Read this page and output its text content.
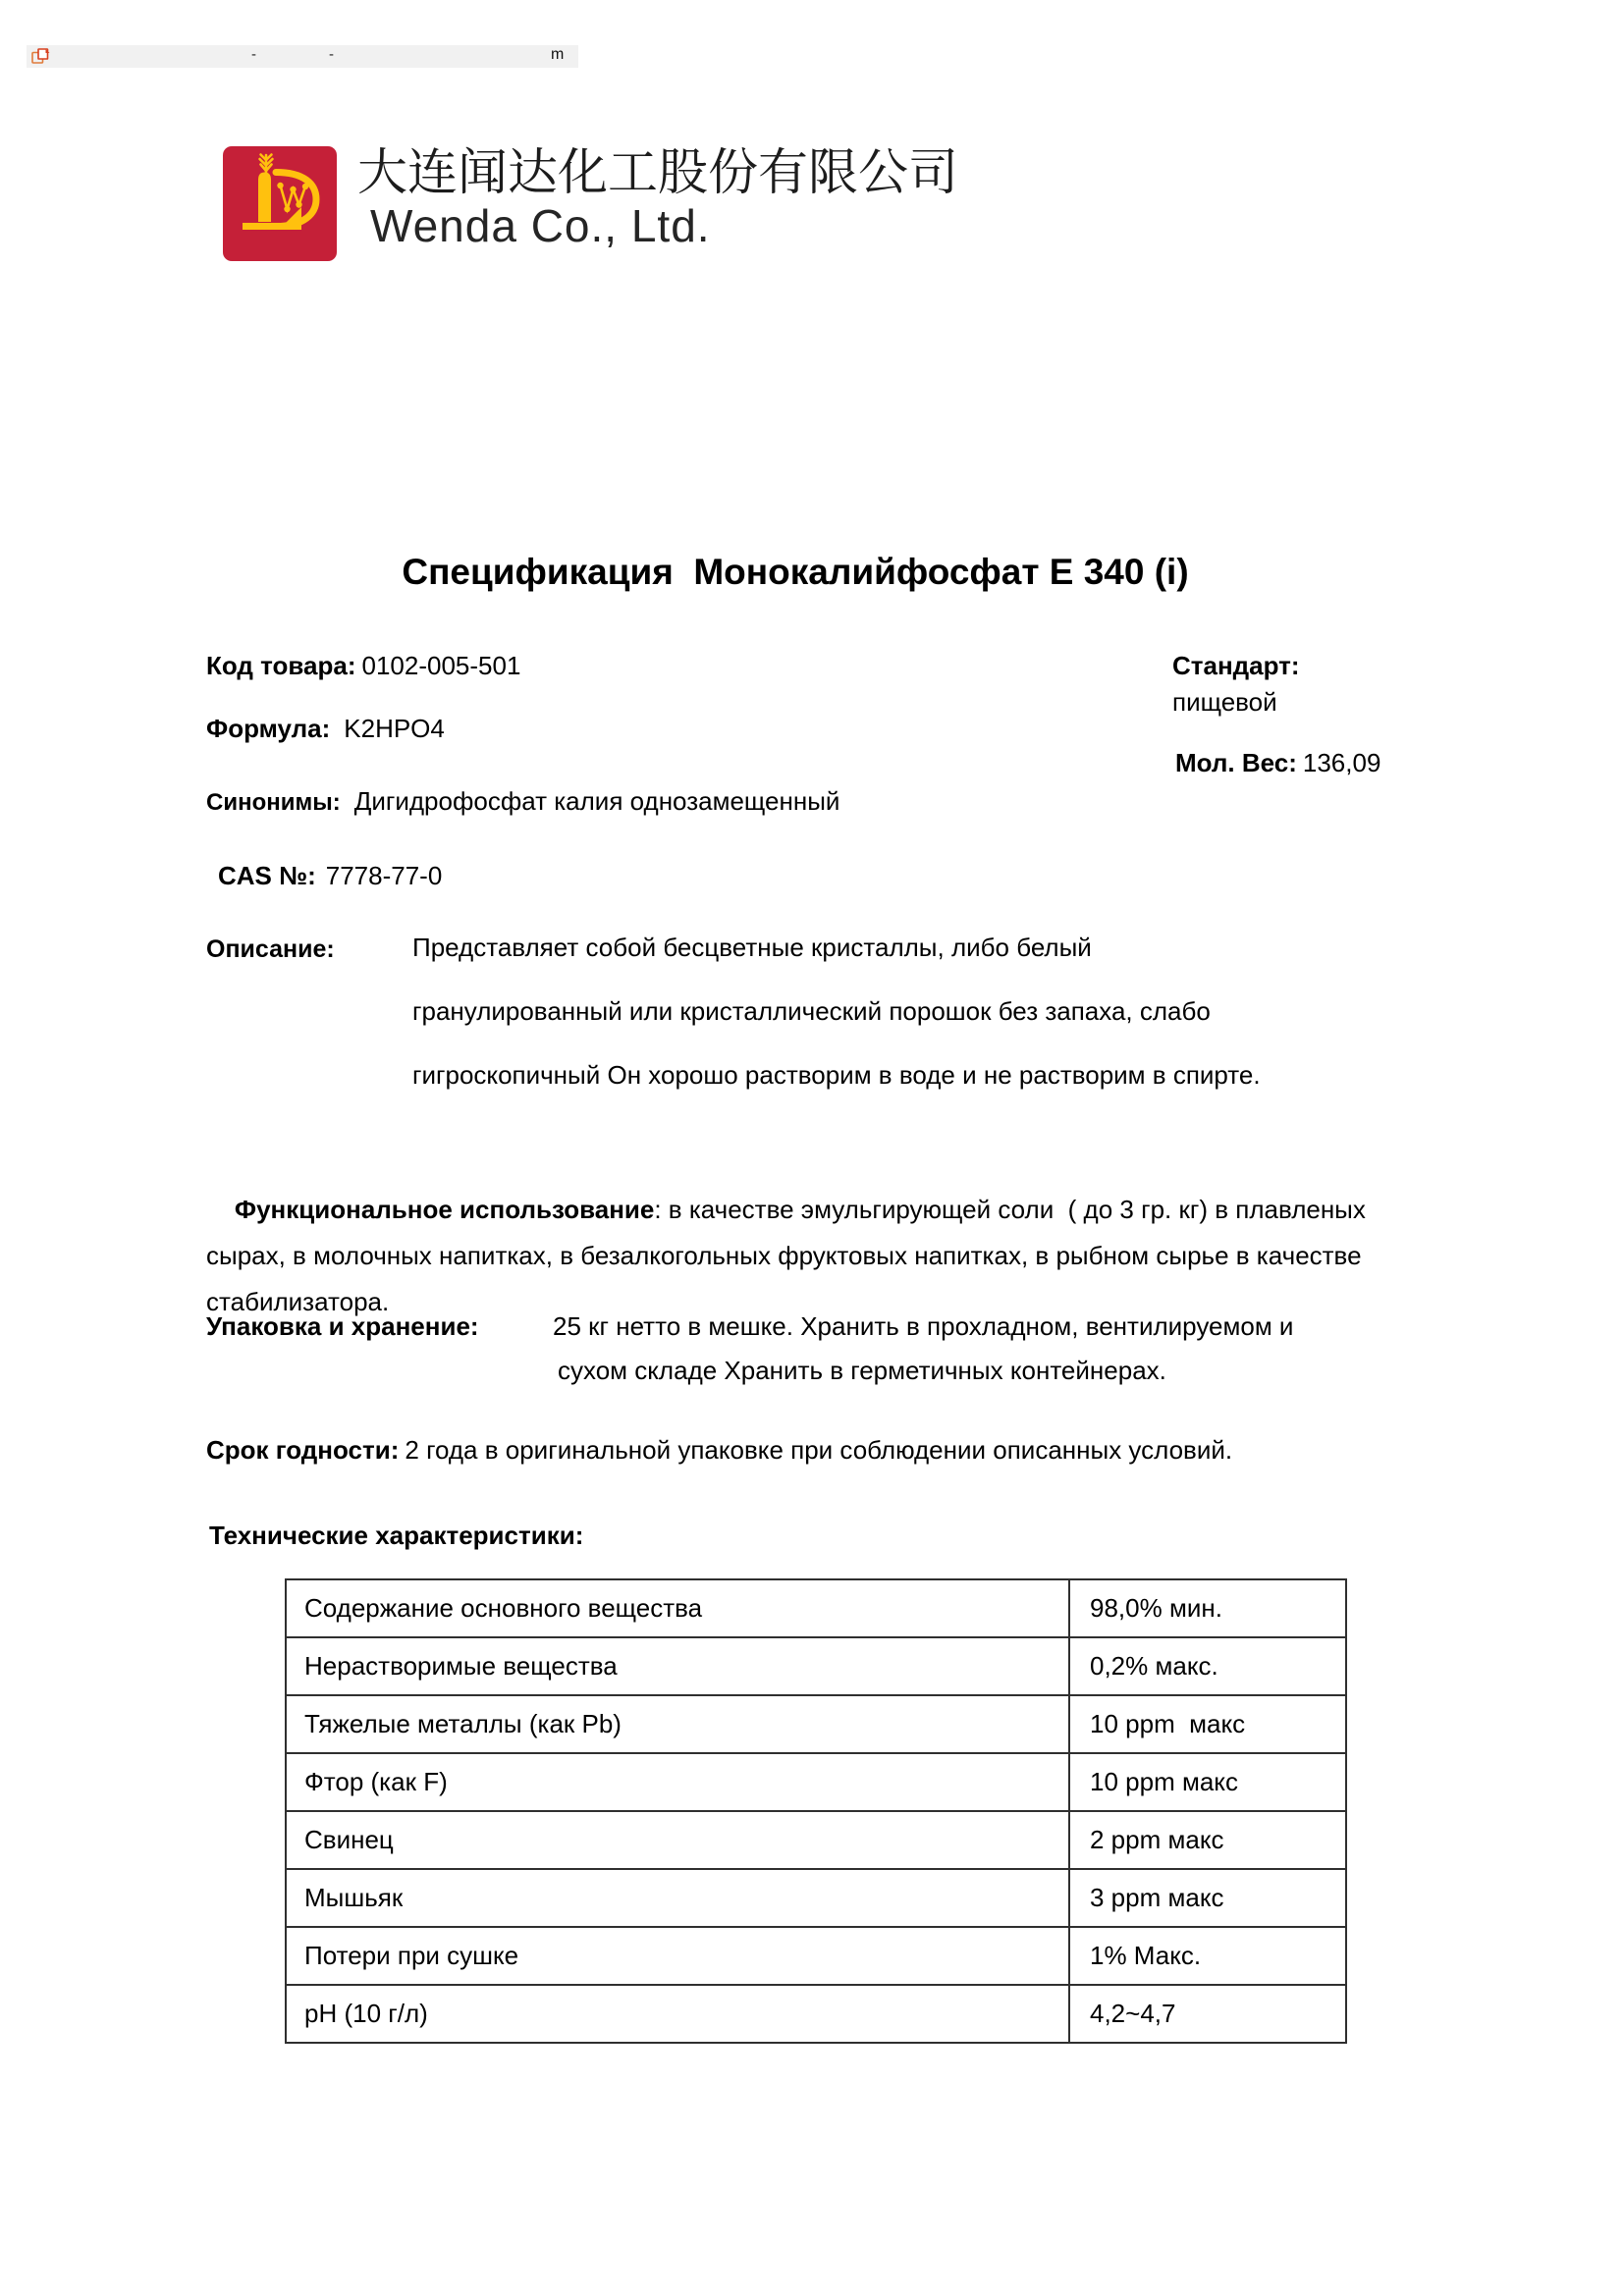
-	-	m
大连闻达化工股份有限公司
Wenda Co., Ltd.
Спецификация  Монокалийфосфат Е 340 (i)
Код товара: 0102-005-501	Стандарт:
пищевой
Формула: K2HPO4
Мол. Вес: 136,09
Синонимы: Дигидрофосфат калия однозамещенный
CAS №: 7778-77-0
Описание:	Представляет собой бесцветные кристаллы, либо белый
гранулированный или кристаллический порошок без запаха, слабо
гигроскопичный Он хорошо растворим в воде и не растворим в спирте.

Функциональное использование: в качестве эмульгирующей соли  ( до 3 гр. кг) в плавленых сырах, в молочных напитках, в безалкогольных фруктовых напитках, в рыбном сырье в качестве стабилизатора.

Упаковка и хранение:	25 кг нетто в мешке. Хранить в прохладном, вентилируемом и
сухом складе Хранить в герметичных контейнерах.
Срок годности: 2 года в оригинальной упаковке при соблюдении описанных условий.
Технические характеристики:
Содержание основного вещества	98,0% мин.
Нерастворимые вещества	0,2% макс.
Тяжелые металлы (как Pb)	10 ppm  макс
Фтор (как F)	10 ppm макс
Свинец	2 ppm макс
Мышьяк	3 ppm макс
Потери при сушке	1% Макс.
pH (10 г/л)	4,2~4,7
